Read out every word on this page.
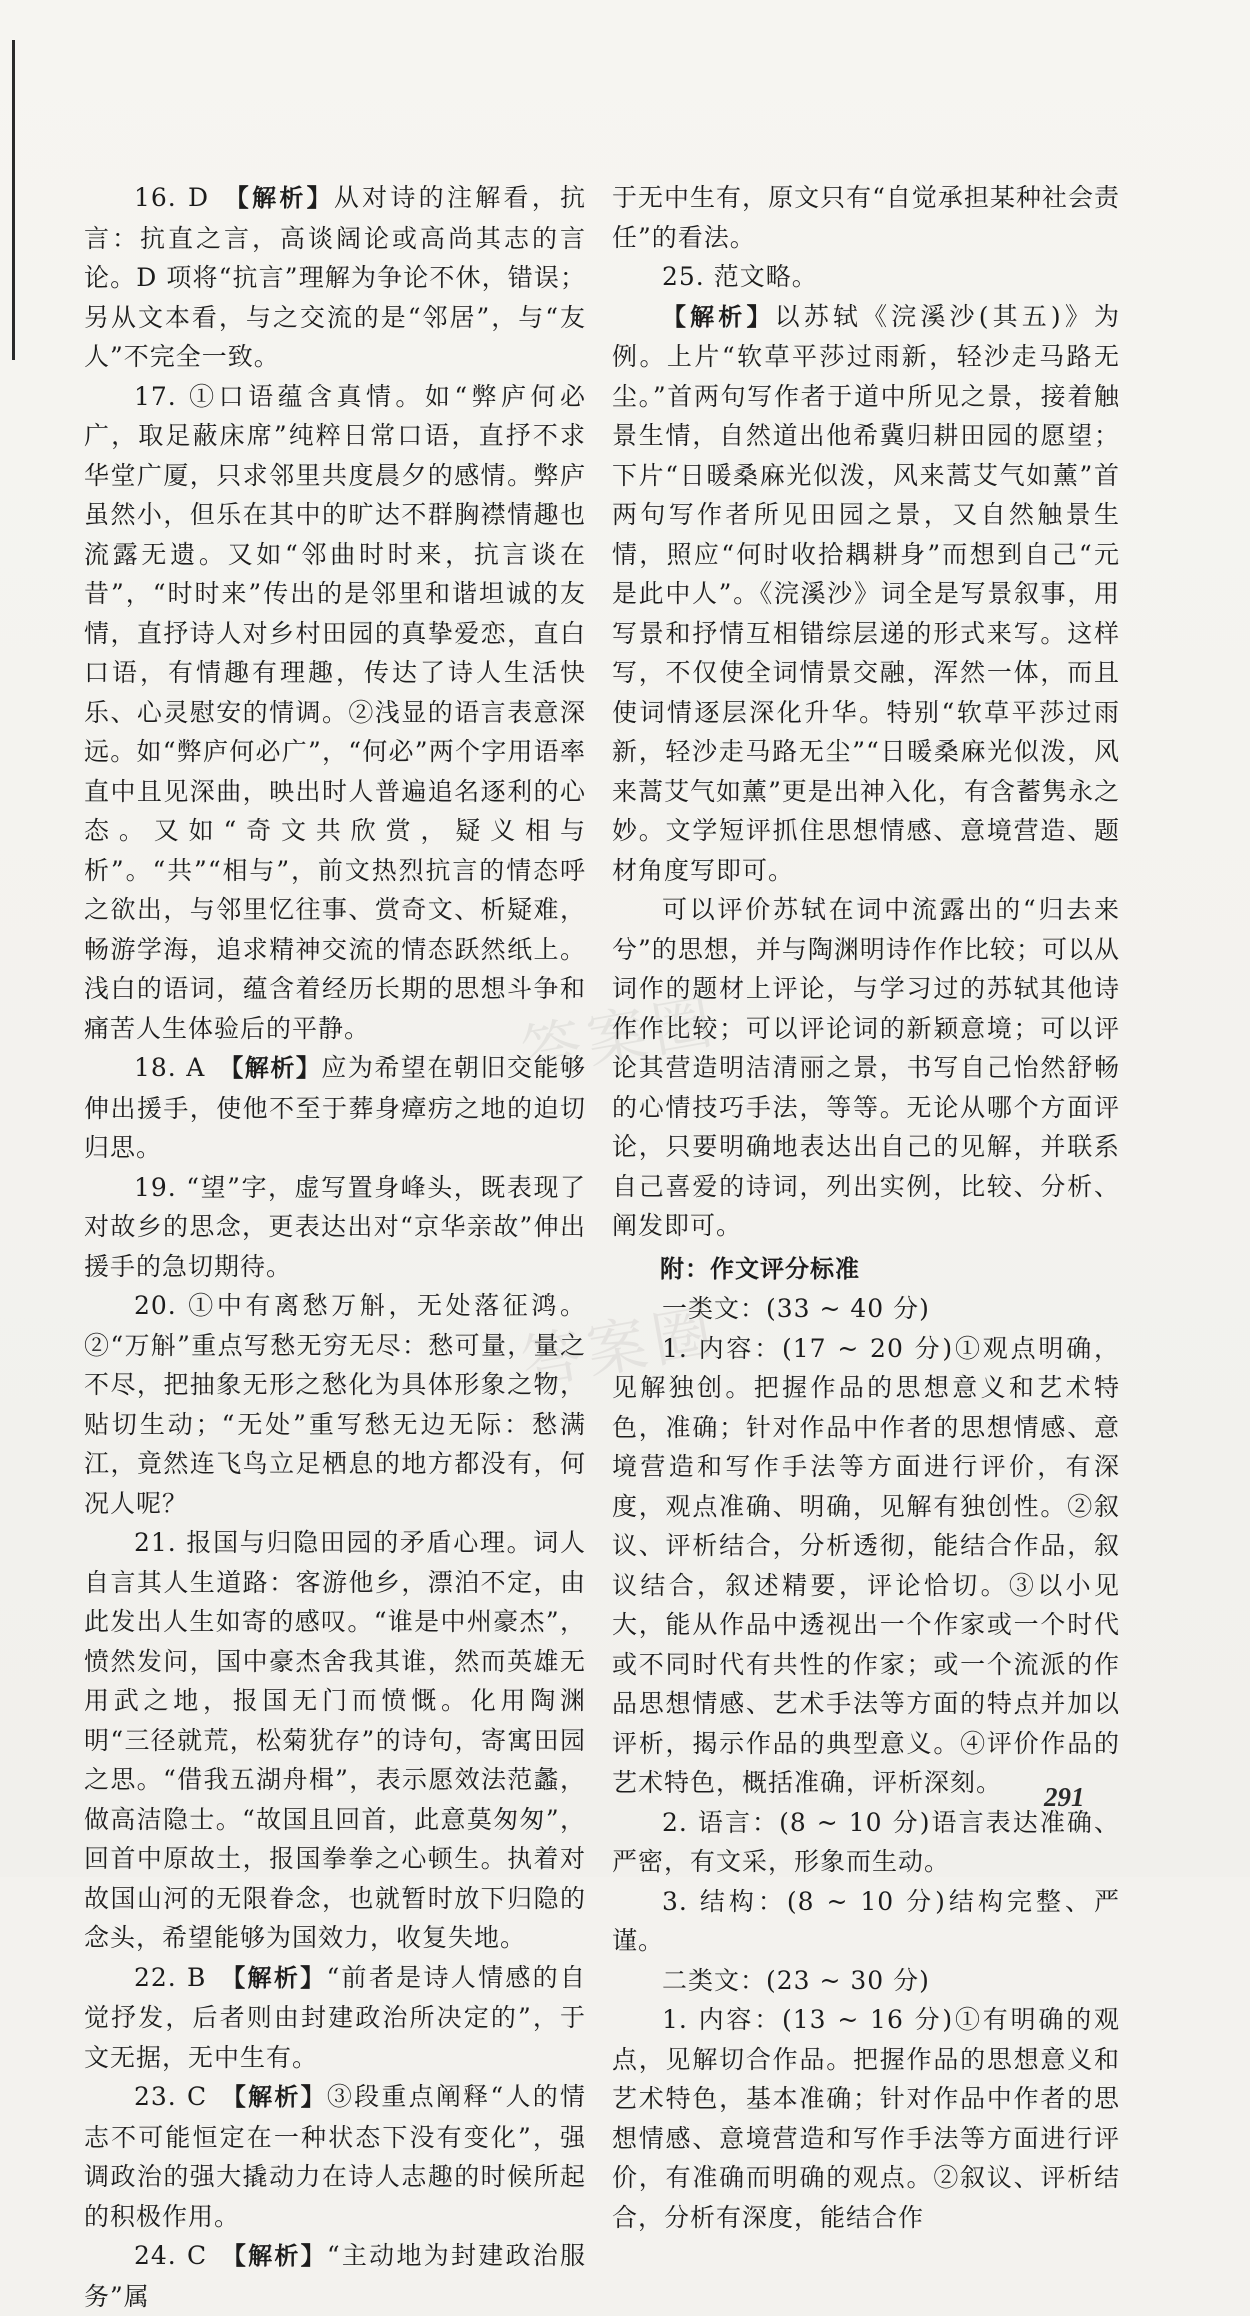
答案圈
答案圈

16. D  【解析】从对诗的注解看，抗言：抗直之言，高谈阔论或高尚其志的言论。D 项将“抗言”理解为争论不休，错误；另从文本看，与之交流的是“邻居”，与“友人”不完全一致。

17. ①口语蕴含真情。如“弊庐何必广，取足蔽床席”纯粹日常口语，直抒不求华堂广厦，只求邻里共度晨夕的感情。弊庐虽然小，但乐在其中的旷达不群胸襟情趣也流露无遗。又如“邻曲时时来，抗言谈在昔”，“时时来”传出的是邻里和谐坦诚的友情，直抒诗人对乡村田园的真挚爱恋，直白口语，有情趣有理趣，传达了诗人生活快乐、心灵慰安的情调。②浅显的语言表意深远。如“弊庐何必广”，“何必”两个字用语率直中且见深曲，映出时人普遍追名逐利的心态。又如“奇文共欣赏，疑义相与析”。“共”“相与”，前文热烈抗言的情态呼之欲出，与邻里忆往事、赏奇文、析疑难，畅游学海，追求精神交流的情态跃然纸上。浅白的语词，蕴含着经历长期的思想斗争和痛苦人生体验后的平静。

18. A  【解析】应为希望在朝旧交能够伸出援手，使他不至于葬身瘴疠之地的迫切归思。

19. “望”字，虚写置身峰头，既表现了对故乡的思念，更表达出对“京华亲故”伸出援手的急切期待。

20. ①中有离愁万斛，无处落征鸿。②“万斛”重点写愁无穷无尽：愁可量，量之不尽，把抽象无形之愁化为具体形象之物，贴切生动；“无处”重写愁无边无际：愁满江，竟然连飞鸟立足栖息的地方都没有，何况人呢？

21. 报国与归隐田园的矛盾心理。词人自言其人生道路：客游他乡，漂泊不定，由此发出人生如寄的感叹。“谁是中州豪杰”，愤然发问，国中豪杰舍我其谁，然而英雄无用武之地，报国无门而愤慨。化用陶渊明“三径就荒，松菊犹存”的诗句，寄寓田园之思。“借我五湖舟楫”，表示愿效法范蠡，做高洁隐士。“故国且回首，此意莫匆匆”，回首中原故土，报国拳拳之心顿生。执着对故国山河的无限眷念，也就暂时放下归隐的念头，希望能够为国效力，收复失地。

22. B  【解析】“前者是诗人情感的自觉抒发，后者则由封建政治所决定的”，于文无据，无中生有。

23. C  【解析】③段重点阐释“人的情志不可能恒定在一种状态下没有变化”，强调政治的强大撬动力在诗人志趣的时候所起的积极作用。

24. C  【解析】“主动地为封建政治服务”属

于无中生有，原文只有“自觉承担某种社会责任”的看法。

25. 范文略。

【解析】以苏轼《浣溪沙(其五)》为例。上片“软草平莎过雨新，轻沙走马路无尘。”首两句写作者于道中所见之景，接着触景生情，自然道出他希冀归耕田园的愿望；下片“日暖桑麻光似泼，风来蒿艾气如薰”首两句写作者所见田园之景，又自然触景生情，照应“何时收拾耦耕身”而想到自己“元是此中人”。《浣溪沙》词全是写景叙事，用写景和抒情互相错综层递的形式来写。这样写，不仅使全词情景交融，浑然一体，而且使词情逐层深化升华。特别“软草平莎过雨新，轻沙走马路无尘”“日暖桑麻光似泼，风来蒿艾气如薰”更是出神入化，有含蓄隽永之妙。文学短评抓住思想情感、意境营造、题材角度写即可。

可以评价苏轼在词中流露出的“归去来兮”的思想，并与陶渊明诗作作比较；可以从词作的题材上评论，与学习过的苏轼其他诗作作比较；可以评论词的新颖意境；可以评论其营造明洁清丽之景，书写自己怡然舒畅的心情技巧手法，等等。无论从哪个方面评论，只要明确地表达出自己的见解，并联系自己喜爱的诗词，列出实例，比较、分析、阐发即可。

附：作文评分标准

一类文：(33 ~ 40 分)

1. 内容：(17 ~ 20 分)①观点明确，见解独创。把握作品的思想意义和艺术特色，准确；针对作品中作者的思想情感、意境营造和写作手法等方面进行评价，有深度，观点准确、明确，见解有独创性。②叙议、评析结合，分析透彻，能结合作品，叙议结合，叙述精要，评论恰切。③以小见大，能从作品中透视出一个作家或一个时代或不同时代有共性的作家；或一个流派的作品思想情感、艺术手法等方面的特点并加以评析，揭示作品的典型意义。④评价作品的艺术特色，概括准确，评析深刻。

2. 语言：(8 ~ 10 分)语言表达准确、严密，有文采，形象而生动。

3. 结构：(8 ~ 10 分)结构完整、严谨。

二类文：(23 ~ 30 分)

1. 内容：(13 ~ 16 分)①有明确的观点，见解切合作品。把握作品的思想意义和艺术特色，基本准确；针对作品中作者的思想情感、意境营造和写作手法等方面进行评价，有准确而明确的观点。②叙议、评析结合，分析有深度，能结合作

291
